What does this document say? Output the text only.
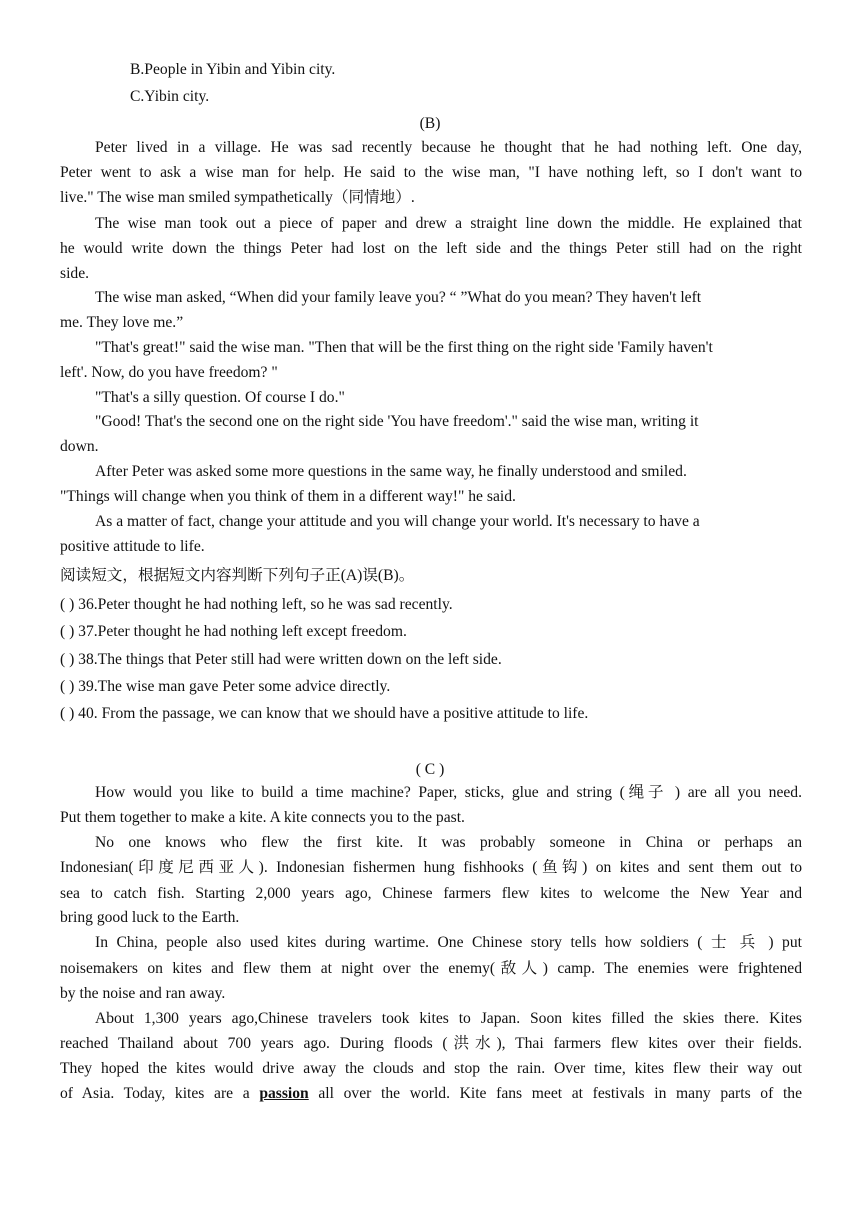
B.People in Yibin and Yibin city.
C.Yibin city.
(B)
Peter lived in a village. He was sad recently because he thought that he had nothing left. One day,
Peter went to ask a wise man for help. He said to the wise man, "I have nothing left, so I don't want to
live." The wise man smiled sympathetically（同情地）.
The wise man took out a piece of paper and drew a straight line down the middle. He explained that
he would write down the things Peter had lost on the left side and the things Peter still had on the right
side.
The wise man asked, “When did your family leave you? “ ”What do you mean? They haven't left
me. They love me.”
"That's great!" said the wise man. "Then that will be the first thing on the right side 'Family haven't
left'. Now, do you have freedom? "
"That's a silly question. Of course I do."
"Good! That's the second one on the right side 'You have freedom'." said the wise man, writing it
down.
After Peter was asked some more questions in the same way, he finally understood and smiled.
"Things will change when you think of them in a different way!" he said.
As a matter of fact, change your attitude and you will change your world. It's necessary to have a
positive attitude to life.
阅读短文，根据短文内容判断下列句子正(A)误(B)。
( ) 36.Peter thought he had nothing left, so he was sad recently.
( ) 37.Peter thought he had nothing left except freedom.
( ) 38.The things that Peter still had were written down on the left side.
( ) 39.The wise man gave Peter some advice directly.
( ) 40. From the passage, we can know that we should have a positive attitude to life.
( C )
How would you like to build a time machine? Paper, sticks, glue and string (绳子 ) are all you need.
Put them together to make a kite. A kite connects you to the past.
No one knows who flew the first kite. It was probably someone in China or perhaps an
Indonesian(印度尼西亚人). Indonesian fishermen hung fishhooks (鱼钩) on kites and sent them out to
sea to catch fish. Starting 2,000 years ago, Chinese farmers flew kites to welcome the New Year and
bring good luck to the Earth.
In China, people also used kites during wartime. One Chinese story tells how soldiers ( 士 兵 ) put
noisemakers on kites and flew them at night over the enemy(敌人) camp. The enemies were frightened
by the noise and ran away.
About 1,300 years ago,Chinese travelers took kites to Japan. Soon kites filled the skies there. Kites
reached Thailand about 700 years ago. During floods (洪水), Thai farmers flew kites over their fields.
They hoped the kites would drive away the clouds and stop the rain. Over time, kites flew their way out
of Asia. Today, kites are a passion all over the world. Kite fans meet at festivals in many parts of the
